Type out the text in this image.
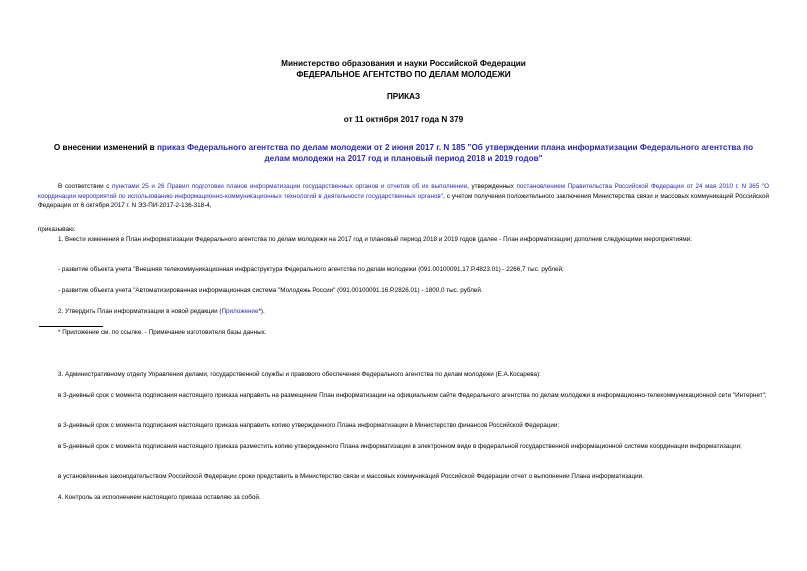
Министерство образования и науки Российской Федерации
ФЕДЕРАЛЬНОЕ АГЕНТСТВО ПО ДЕЛАМ МОЛОДЕЖИ
ПРИКАЗ
от 11 октября 2017 года N 379
О внесении изменений в приказ Федерального агентства по делам молодежи от 2 июня 2017 г. N 185 "Об утверждении плана информатизации Федерального агентства по делам молодежи на 2017 год и плановый период 2018 и 2019 годов"
В соответствии с пунктами 25 и 26 Правил подготовки планов информатизации государственных органов и отчетов об их выполнении, утвержденных постановлением Правительства Российской Федерации от 24 мая 2010 г. N 365 "О координации мероприятий по использованию информационно-коммуникационных технологий в деятельности государственных органов", с учетом получения положительного заключения Министерства связи и массовых коммуникаций Российской Федерации от 6 октября 2017 г. N ЭЗ-ПИ-2017-2-136-318-4,
приказываю:
1. Внести изменения в План информатизации Федерального агентства по делам молодежи на 2017 год и плановый период 2018 и 2019 годов (далее - План информатизации) дополнив следующими мероприятиями:
- развитие объекта учета "Внешняя телекоммуникационная инфраструктура Федерального агентства по делам молодежи (091.00100091.17.Р.4823.01) - 2266,7 тыс. рублей;
- развитие объекта учета "Автоматизированная информационная система "Молодежь России" (091.00100091.16.Р.2826.01) - 1800,0 тыс. рублей.
2. Утвердить План информатизации в новой редакции (Приложение*).
* Приложение см. по ссылке. - Примечание изготовителя базы данных.
3. Административному отделу Управления делами, государственной службы и правового обеспечения Федерального агентства по делам молодежи (Е.А.Косарева):
в 3-дневный срок с момента подписания настоящего приказа направить на размещение План информатизации на официальном сайте Федерального агентства по делам молодежи в информационно-телекоммуникационной сети "Интернет";
в 3-дневный срок с момента подписания настоящего приказа направить копию утвержденного Плана информатизации в Министерство финансов Российской Федерации;
в 5-дневный срок с момента подписания настоящего приказа разместить копию утвержденного Плана информатизации в электронном виде в федеральной государственной информационной системе координации информатизации;
в установленные законодательством Российской Федерации сроки представить в Министерство связи и массовых коммуникаций Российской Федерации отчет о выполнении Плана информатизации.
4. Контроль за исполнением настоящего приказа оставляю за собой.
